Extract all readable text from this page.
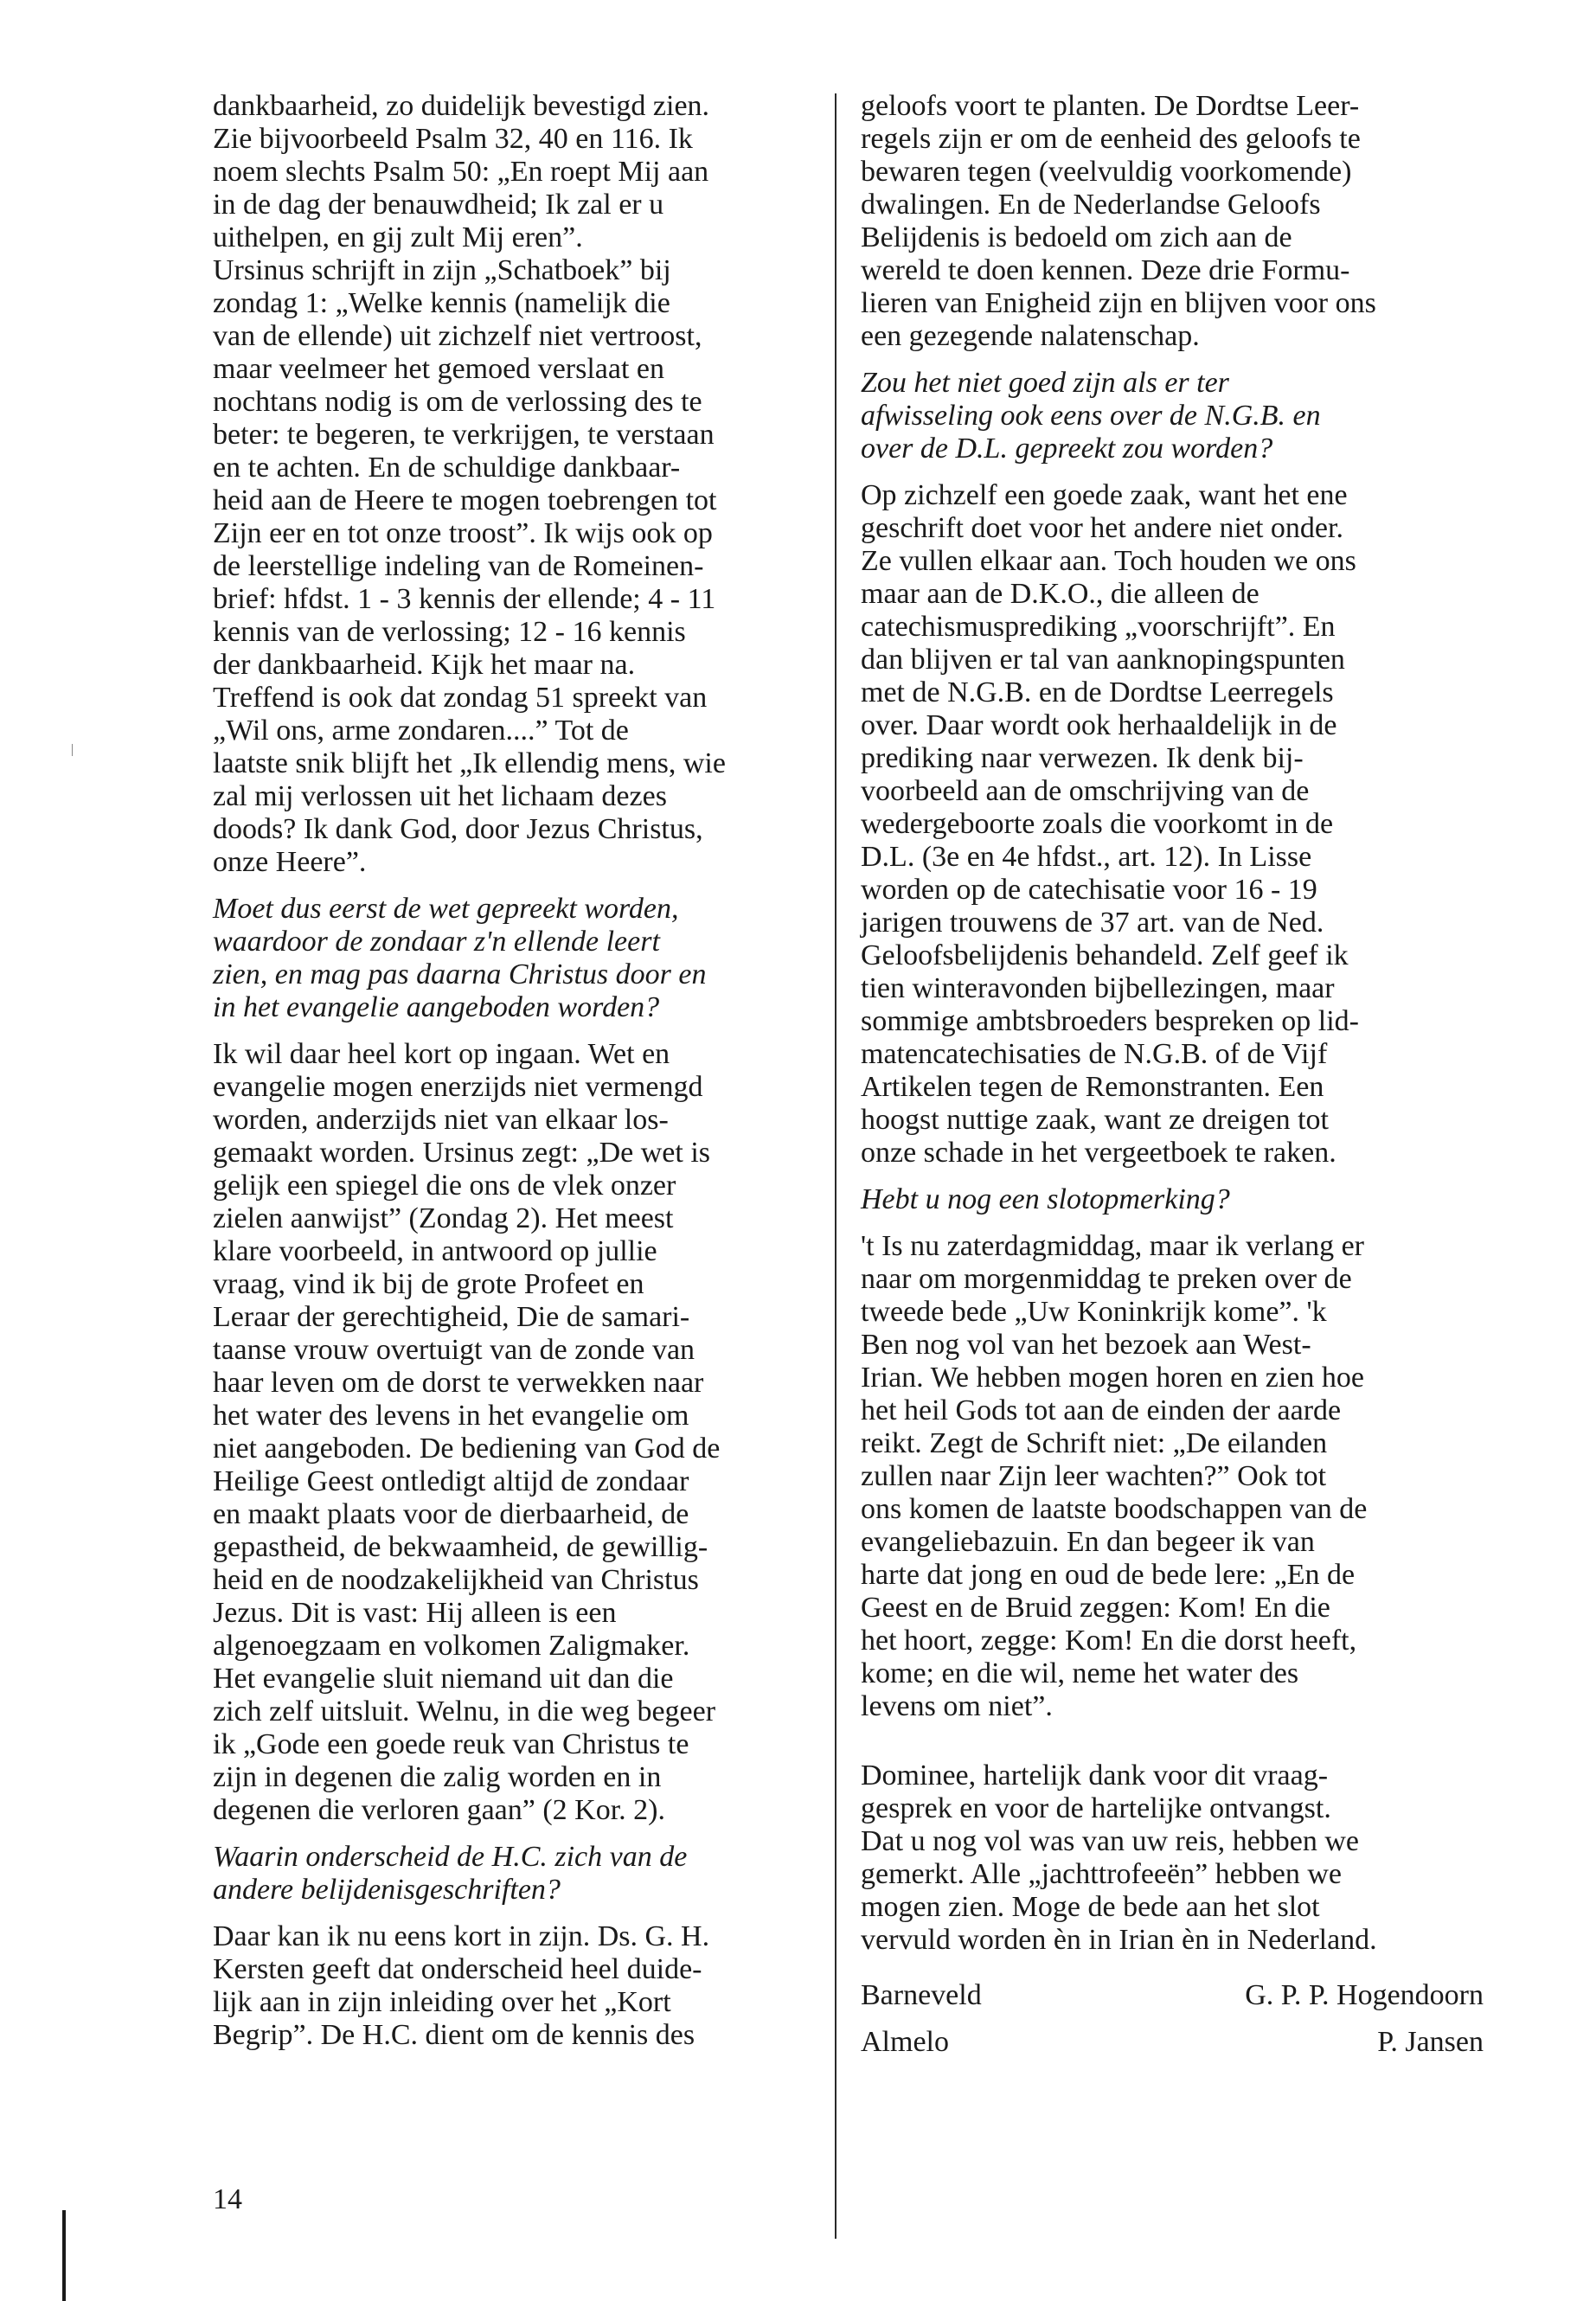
dankbaarheid, zo duidelijk bevestigd zien.
Zie bijvoorbeeld Psalm 32, 40 en 116. Ik
noem slechts Psalm 50: „En roept Mij aan
in de dag der benauwdheid; Ik zal er u
uithelpen, en gij zult Mij eren”.
Ursinus schrijft in zijn „Schatboek” bij
zondag 1: „Welke kennis (namelijk die
van de ellende) uit zichzelf niet vertroost,
maar veelmeer het gemoed verslaat en
nochtans nodig is om de verlossing des te
beter: te begeren, te verkrijgen, te verstaan
en te achten. En de schuldige dankbaar-
heid aan de Heere te mogen toebrengen tot
Zijn eer en tot onze troost”. Ik wijs ook op
de leerstellige indeling van de Romeinen-
brief: hfdst. 1 - 3 kennis der ellende; 4 - 11
kennis van de verlossing; 12 - 16 kennis
der dankbaarheid. Kijk het maar na.
Treffend is ook dat zondag 51 spreekt van
„Wil ons, arme zondaren....” Tot de
laatste snik blijft het „Ik ellendig mens, wie
zal mij verlossen uit het lichaam dezes
doods? Ik dank God, door Jezus Christus,
onze Heere”.
Moet dus eerst de wet gepreekt worden,
waardoor de zondaar z'n ellende leert
zien, en mag pas daarna Christus door en
in het evangelie aangeboden worden?
Ik wil daar heel kort op ingaan. Wet en
evangelie mogen enerzijds niet vermengd
worden, anderzijds niet van elkaar los-
gemaakt worden. Ursinus zegt: „De wet is
gelijk een spiegel die ons de vlek onzer
zielen aanwijst” (Zondag 2). Het meest
klare voorbeeld, in antwoord op jullie
vraag, vind ik bij de grote Profeet en
Leraar der gerechtigheid, Die de samari-
taanse vrouw overtuigt van de zonde van
haar leven om de dorst te verwekken naar
het water des levens in het evangelie om
niet aangeboden. De bediening van God de
Heilige Geest ontledigt altijd de zondaar
en maakt plaats voor de dierbaarheid, de
gepastheid, de bekwaamheid, de gewillig-
heid en de noodzakelijkheid van Christus
Jezus. Dit is vast: Hij alleen is een
algenoegzaam en volkomen Zaligmaker.
Het evangelie sluit niemand uit dan die
zich zelf uitsluit. Welnu, in die weg begeer
ik „Gode een goede reuk van Christus te
zijn in degenen die zalig worden en in
degenen die verloren gaan” (2 Kor. 2).
Waarin onderscheid de H.C. zich van de
andere belijdenisgeschriften?
Daar kan ik nu eens kort in zijn. Ds. G. H.
Kersten geeft dat onderscheid heel duide-
lijk aan in zijn inleiding over het „Kort
Begrip”. De H.C. dient om de kennis des
geloofs voort te planten. De Dordtse Leer-
regels zijn er om de eenheid des geloofs te
bewaren tegen (veelvuldig voorkomende)
dwalingen. En de Nederlandse Geloofs
Belijdenis is bedoeld om zich aan de
wereld te doen kennen. Deze drie Formu-
lieren van Enigheid zijn en blijven voor ons
een gezegende nalatenschap.
Zou het niet goed zijn als er ter
afwisseling ook eens over de N.G.B. en
over de D.L. gepreekt zou worden?
Op zichzelf een goede zaak, want het ene
geschrift doet voor het andere niet onder.
Ze vullen elkaar aan. Toch houden we ons
maar aan de D.K.O., die alleen de
catechismusprediking „voorschrijft”. En
dan blijven er tal van aanknopingspunten
met de N.G.B. en de Dordtse Leerregels
over. Daar wordt ook herhaaldelijk in de
prediking naar verwezen. Ik denk bij-
voorbeeld aan de omschrijving van de
wedergeboorte zoals die voorkomt in de
D.L. (3e en 4e hfdst., art. 12). In Lisse
worden op de catechisatie voor 16 - 19
jarigen trouwens de 37 art. van de Ned.
Geloofsbelijdenis behandeld. Zelf geef ik
tien winteravonden bijbellezingen, maar
sommige ambtsbroeders bespreken op lid-
matencatechisaties de N.G.B. of de Vijf
Artikelen tegen de Remonstranten. Een
hoogst nuttige zaak, want ze dreigen tot
onze schade in het vergeetboek te raken.
Hebt u nog een slotopmerking?
't Is nu zaterdagmiddag, maar ik verlang er
naar om morgenmiddag te preken over de
tweede bede „Uw Koninkrijk kome”. 'k
Ben nog vol van het bezoek aan West-
Irian. We hebben mogen horen en zien hoe
het heil Gods tot aan de einden der aarde
reikt. Zegt de Schrift niet: „De eilanden
zullen naar Zijn leer wachten?” Ook tot
ons komen de laatste boodschappen van de
evangeliebazuin. En dan begeer ik van
harte dat jong en oud de bede lere: „En de
Geest en de Bruid zeggen: Kom! En die
het hoort, zegge: Kom! En die dorst heeft,
kome; en die wil, neme het water des
levens om niet”.
Dominee, hartelijk dank voor dit vraag-
gesprek en voor de hartelijke ontvangst.
Dat u nog vol was van uw reis, hebben we
gemerkt. Alle „jachttrofeeën” hebben we
mogen zien. Moge de bede aan het slot
vervuld worden èn in Irian èn in Nederland.
Barneveld	G. P. P. Hogendoorn
Almelo	P. Jansen
14
